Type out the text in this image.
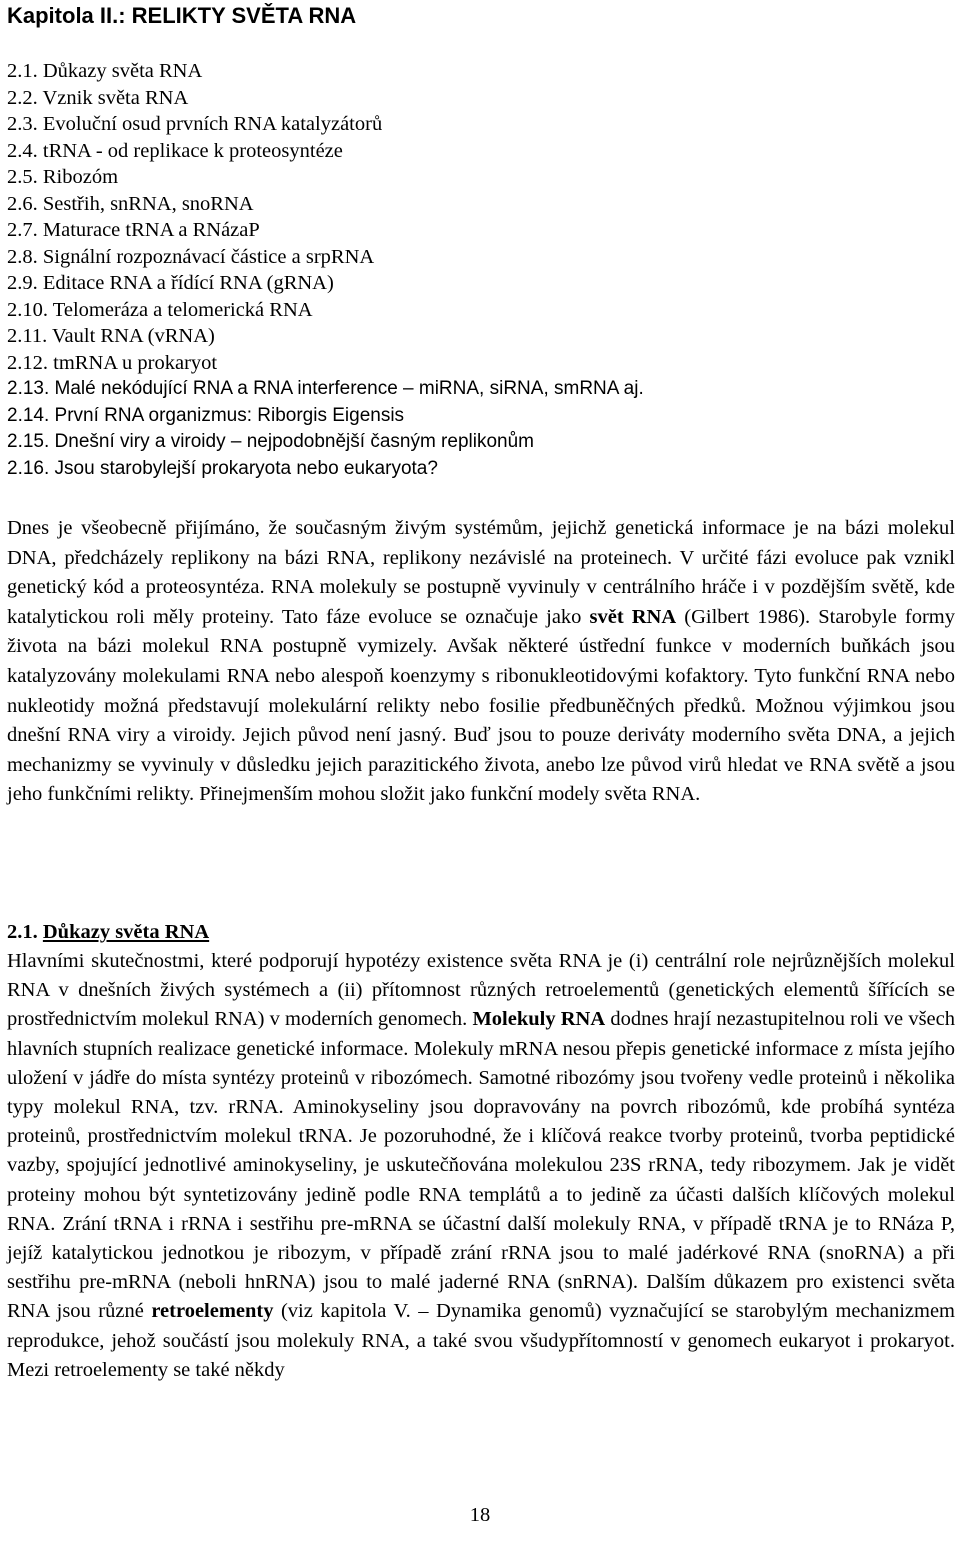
Kapitola II.: RELIKTY SVĚTA RNA
2.1. Důkazy světa RNA
2.2. Vznik světa RNA
2.3. Evoluční osud prvních RNA katalyzátorů
2.4. tRNA - od replikace k proteosyntéze
2.5. Ribozóm
2.6. Sestřih, snRNA, snoRNA
2.7. Maturace tRNA a RNázaP
2.8. Signální rozpoznávací částice a srpRNA
2.9. Editace RNA a řídící RNA (gRNA)
2.10. Telomeráza a telomerická RNA
2.11. Vault RNA (vRNA)
2.12. tmRNA u prokaryot
2.13. Malé nekódující RNA a RNA interference – miRNA, siRNA, smRNA aj.
2.14. První RNA organizmus: Riborgis Eigensis
2.15. Dnešní viry a viroidy – nejpodobnější časným replikonům
2.16. Jsou starobylejší prokaryota nebo eukaryota?

Dnes je všeobecně přijímáno, že současným živým systémům, jejichž genetická informace je na bázi molekul DNA, předcházely replikony na bázi RNA, replikony nezávislé na proteinech. V určité fázi evoluce pak vznikl genetický kód a proteosyntéza. RNA molekuly se postupně vyvinuly v centrálního hráče i v pozdějším světě, kde katalytickou roli měly proteiny. Tato fáze evoluce se označuje jako svět RNA (Gilbert 1986). Starobyle formy života na bázi molekul RNA postupně vymizely. Avšak některé ústřední funkce v moderních buňkách jsou katalyzovány molekulami RNA nebo alespoň koenzymy s ribonukleotidovými kofaktory. Tyto funkční RNA nebo nukleotidy možná představují molekulární relikty nebo fosilie předbuněčných předků. Možnou výjimkou jsou dnešní RNA viry a viroidy. Jejich původ není jasný. Buď jsou to pouze deriváty moderního světa DNA, a jejich mechanizmy se vyvinuly v důsledku jejich parazitického života, anebo lze původ virů hledat ve RNA světě a jsou jeho funkčními relikty. Přinejmenším mohou složit jako funkční modely světa RNA.

2.1. Důkazy světa RNA

Hlavními skutečnostmi, které podporují hypotézy existence světa RNA je (i) centrální role nejrůznějších molekul RNA v dnešních živých systémech a (ii) přítomnost různých retroelementů (genetických elementů šířících se prostřednictvím molekul RNA) v moderních genomech. Molekuly RNA dodnes hrají nezastupitelnou roli ve všech hlavních stupních realizace genetické informace. Molekuly mRNA nesou přepis genetické informace z místa jejího uložení v jádře do místa syntézy proteinů v ribozómech. Samotné ribozómy jsou tvořeny vedle proteinů i několika typy molekul RNA, tzv. rRNA. Aminokyseliny jsou dopravovány na povrch ribozómů, kde probíhá syntéza proteinů, prostřednictvím molekul tRNA. Je pozoruhodné, že i klíčová reakce tvorby proteinů, tvorba peptidické vazby, spojující jednotlivé aminokyseliny, je uskutečňována molekulou 23S rRNA, tedy ribozymem. Jak je vidět proteiny mohou být syntetizovány jedině podle RNA templátů a to jedině za účasti dalších klíčových molekul RNA. Zrání tRNA i rRNA i sestřihu pre-mRNA se účastní další molekuly RNA, v případě tRNA je to RNáza P, jejíž katalytickou jednotkou je ribozym, v případě zrání rRNA jsou to malé jadérkové RNA (snoRNA) a při sestřihu pre-mRNA (neboli hnRNA) jsou to malé jaderné RNA (snRNA). Dalším důkazem pro existenci světa RNA jsou různé retroelementy (viz kapitola V. – Dynamika genomů) vyznačující se starobylým mechanizmem reprodukce, jehož součástí jsou molekuly RNA, a také svou všudypřítomností v genomech eukaryot i prokaryot. Mezi retroelementy se také někdy

18
